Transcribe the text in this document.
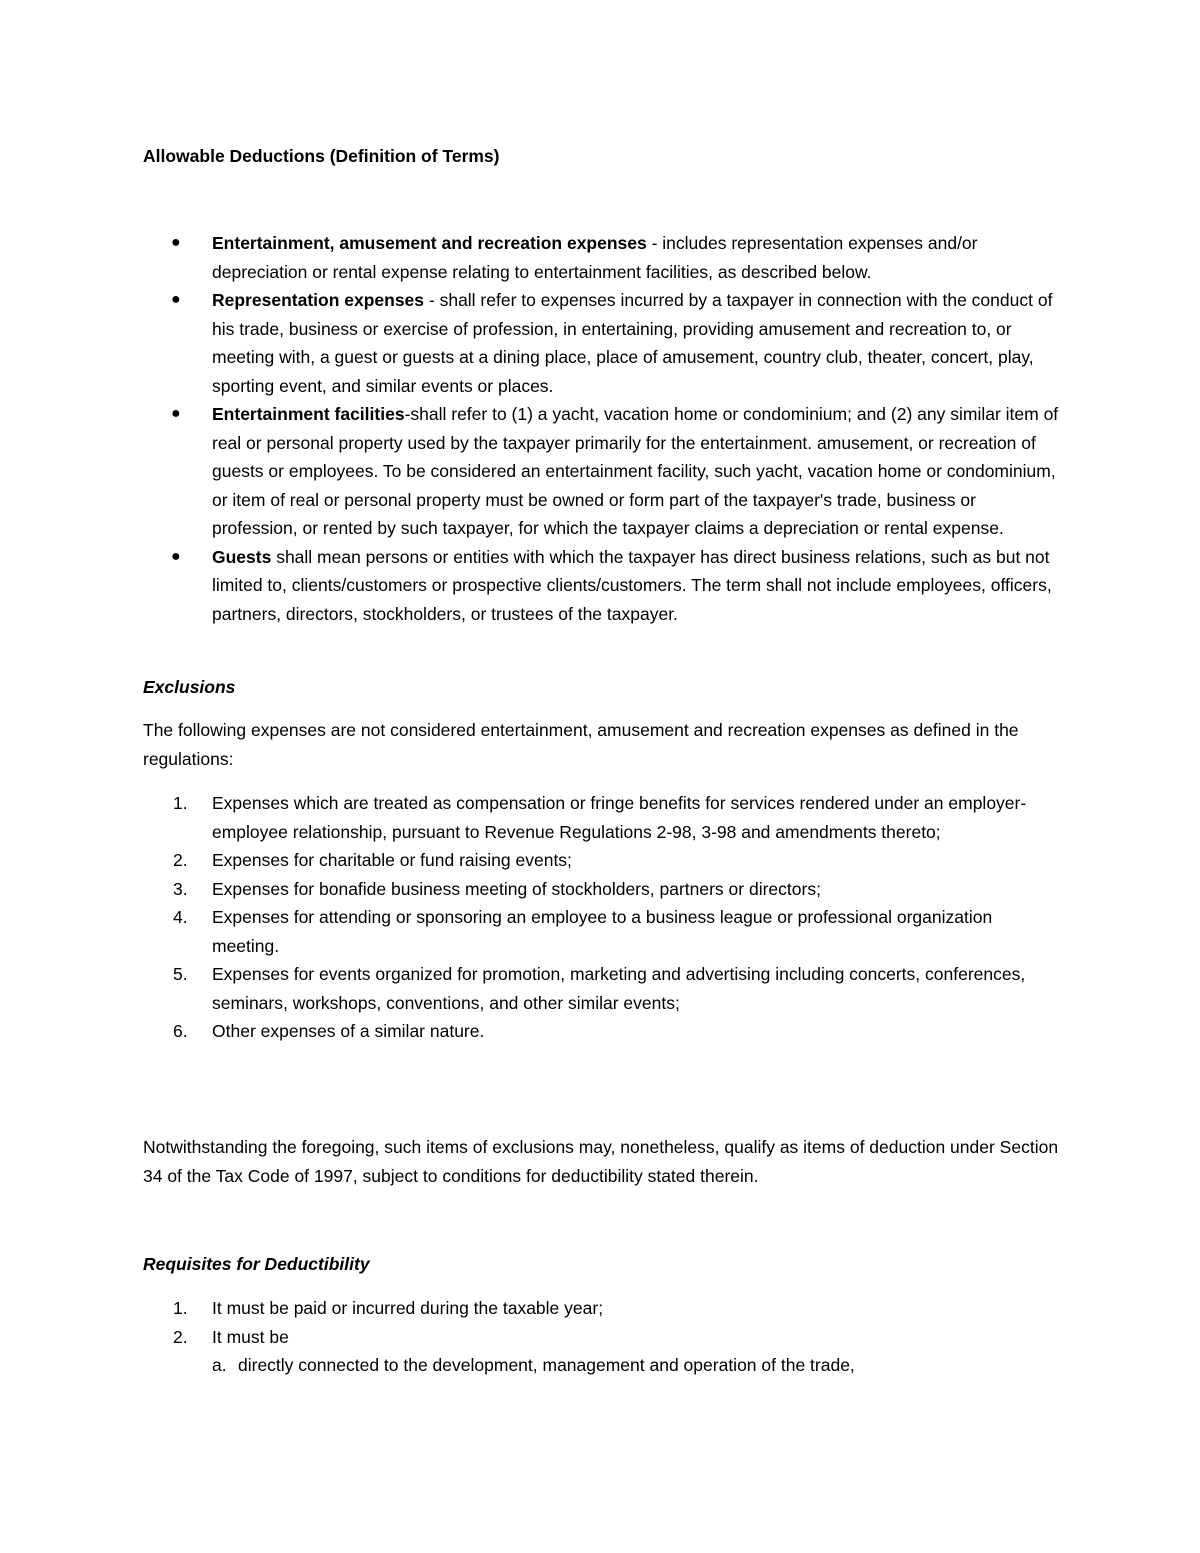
Allowable Deductions (Definition of Terms)

● Entertainment, amusement and recreation expenses - includes representation expenses and/or depreciation or rental expense relating to entertainment facilities, as described below.
● Representation expenses - shall refer to expenses incurred by a taxpayer in connection with the conduct of his trade, business or exercise of profession, in entertaining, providing amusement and recreation to, or meeting with, a guest or guests at a dining place, place of amusement, country club, theater, concert, play, sporting event, and similar events or places.
● Entertainment facilities-shall refer to (1) a yacht, vacation home or condominium; and (2) any similar item of real or personal property used by the taxpayer primarily for the entertainment. amusement, or recreation of guests or employees. To be considered an entertainment facility, such yacht, vacation home or condominium, or item of real or personal property must be owned or form part of the taxpayer's trade, business or profession, or rented by such taxpayer, for which the taxpayer claims a depreciation or rental expense.
● Guests shall mean persons or entities with which the taxpayer has direct business relations, such as but not limited to, clients/customers or prospective clients/customers. The term shall not include employees, officers, partners, directors, stockholders, or trustees of the taxpayer.

Exclusions

The following expenses are not considered entertainment, amusement and recreation expenses as defined in the regulations:

1. Expenses which are treated as compensation or fringe benefits for services rendered under an employer-employee relationship, pursuant to Revenue Regulations 2-98, 3-98 and amendments thereto;
2. Expenses for charitable or fund raising events;
3. Expenses for bonafide business meeting of stockholders, partners or directors;
4. Expenses for attending or sponsoring an employee to a business league or professional organization meeting.
5. Expenses for events organized for promotion, marketing and advertising including concerts, conferences, seminars, workshops, conventions, and other similar events;
6. Other expenses of a similar nature.

Notwithstanding the foregoing, such items of exclusions may, nonetheless, qualify as items of deduction under Section 34 of the Tax Code of 1997, subject to conditions for deductibility stated therein.

Requisites for Deductibility

1. It must be paid or incurred during the taxable year;
2. It must be
a. directly connected to the development, management and operation of the trade,
